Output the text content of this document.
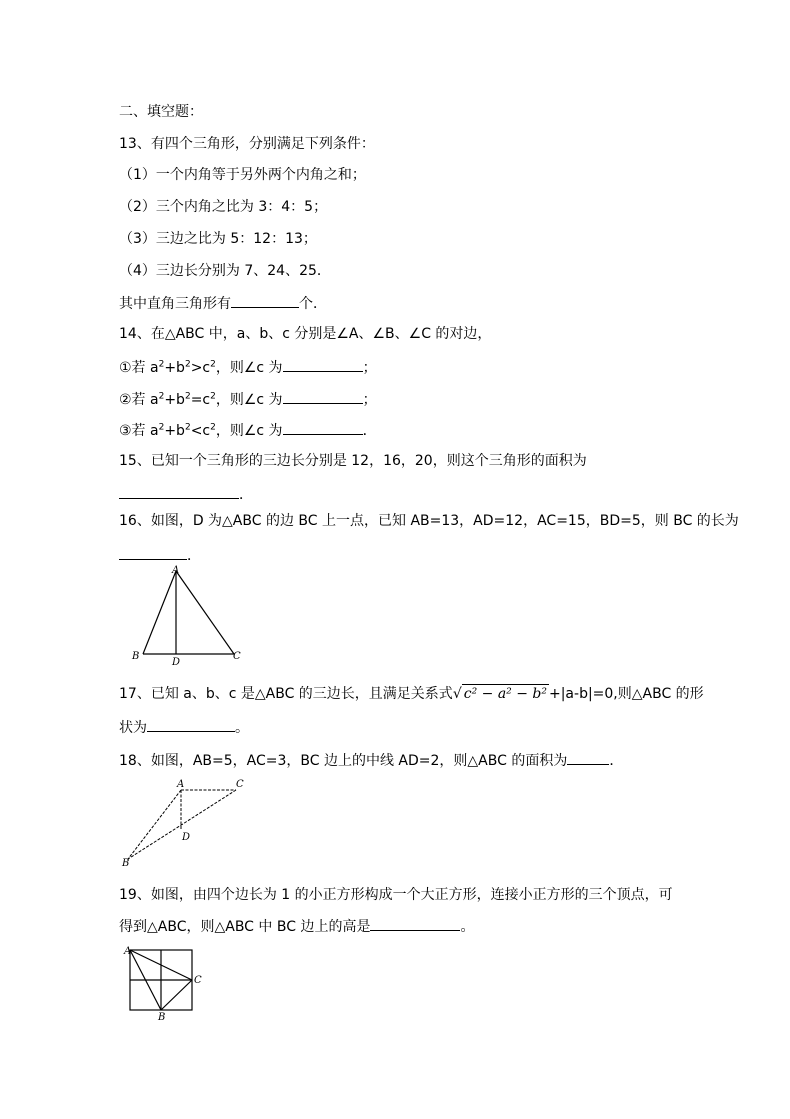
二、填空题：
13、有四个三角形，分别满足下列条件：
（1）一个内角等于另外两个内角之和；
（2）三个内角之比为 3：4：5；
（3）三边之比为 5：12：13；
（4）三边长分别为 7、24、25．
其中直角三角形有	个．
14、在△ABC 中，a、b、c 分别是∠A、∠B、∠C 的对边，
①若 $a^2+b^2>c^2$，则∠c 为	；
②若 $a^2+b^2=c^2$，则∠c 为	；
③若 $a^2+b^2<c^2$，则∠c 为	．
15、已知一个三角形的三边长分别是 12，16，20，则这个三角形的面积为
．
16、如图，D 为△ABC 的边 BC 上一点，已知 AB=13，AD=12，AC=15，BD=5，则 BC 的长为
．
A
B
D
C
17、已知 a、b、c 是△ABC 的三边长，且满足关系式√ c² − a² − b² +|a-b|=0,则△ABC 的形
状为	。
18、如图，AB=5，AC=3，BC 边上的中线 AD=2，则△ABC 的面积为	．
A	C
D
B
19、如图，由四个边长为 1 的小正方形构成一个大正方形，连接小正方形的三个顶点，可
得到△ABC，则△ABC 中 BC 边上的高是	。
A
C
B
